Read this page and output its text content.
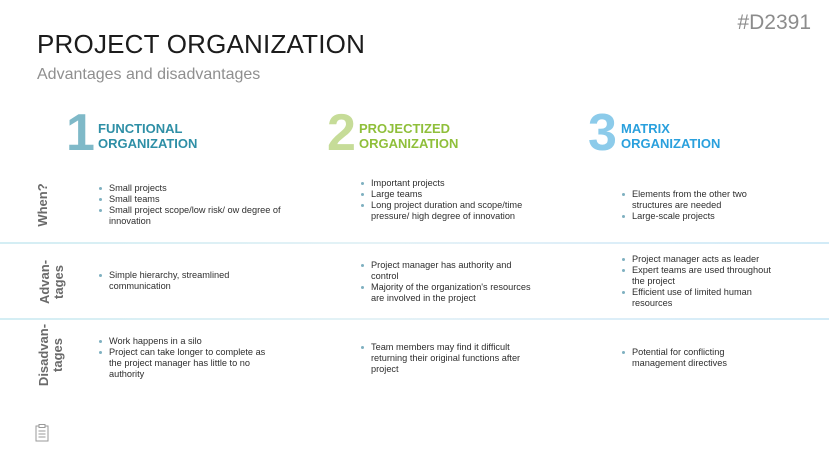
#D2391
PROJECT ORGANIZATION
Advantages and disadvantages
1 FUNCTIONAL
ORGANIZATION 2 PROJECTIZED
ORGANIZATION 3 MATRIX
ORGANIZATION
When?
Advan- tages
Disadvan- tages
Small projects
Small teams
Small project scope/low risk/ ow degree of innovation
Important projects
Large teams
Long project duration and scope/time pressure/ high degree of innovation
Elements from the other two structures are needed
Large-scale projects
Simple hierarchy, streamlined communication
Project manager has authority and control
Majority of the organization's resources are involved in the project
Project manager acts as leader
Expert teams are used throughout the project
Efficient use of limited human resources
Work happens in a silo
Project can take longer to complete as the project manager has little to no authority
Team members may find it difficult returning their original functions after project
Potential for conflicting management directives
